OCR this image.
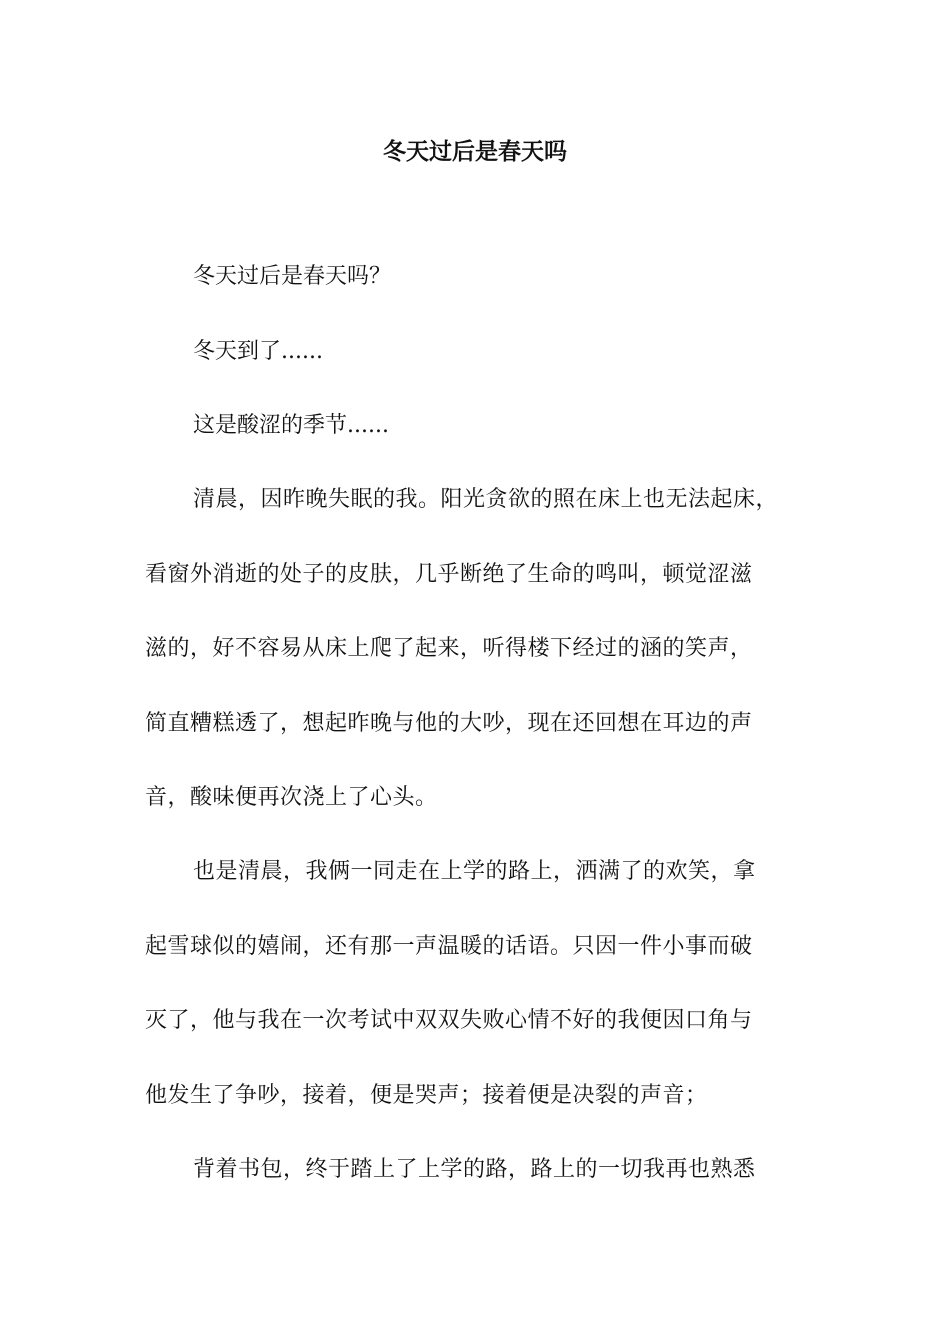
冬天过后是春天吗

冬天过后是春天吗？

冬天到了......

这是酸涩的季节......

清晨，因昨晚失眠的我。阳光贪欲的照在床上也无法起床，

看窗外消逝的处子的皮肤，几乎断绝了生命的鸣叫，顿觉涩滋

滋的，好不容易从床上爬了起来，听得楼下经过的涵的笑声，

简直糟糕透了，想起昨晚与他的大吵，现在还回想在耳边的声

音，酸味便再次浇上了心头。

也是清晨，我俩一同走在上学的路上，洒满了的欢笑，拿

起雪球似的嬉闹，还有那一声温暖的话语。只因一件小事而破

灭了，他与我在一次考试中双双失败心情不好的我便因口角与

他发生了争吵，接着，便是哭声；接着便是决裂的声音；

背着书包，终于踏上了上学的路，路上的一切我再也熟悉
